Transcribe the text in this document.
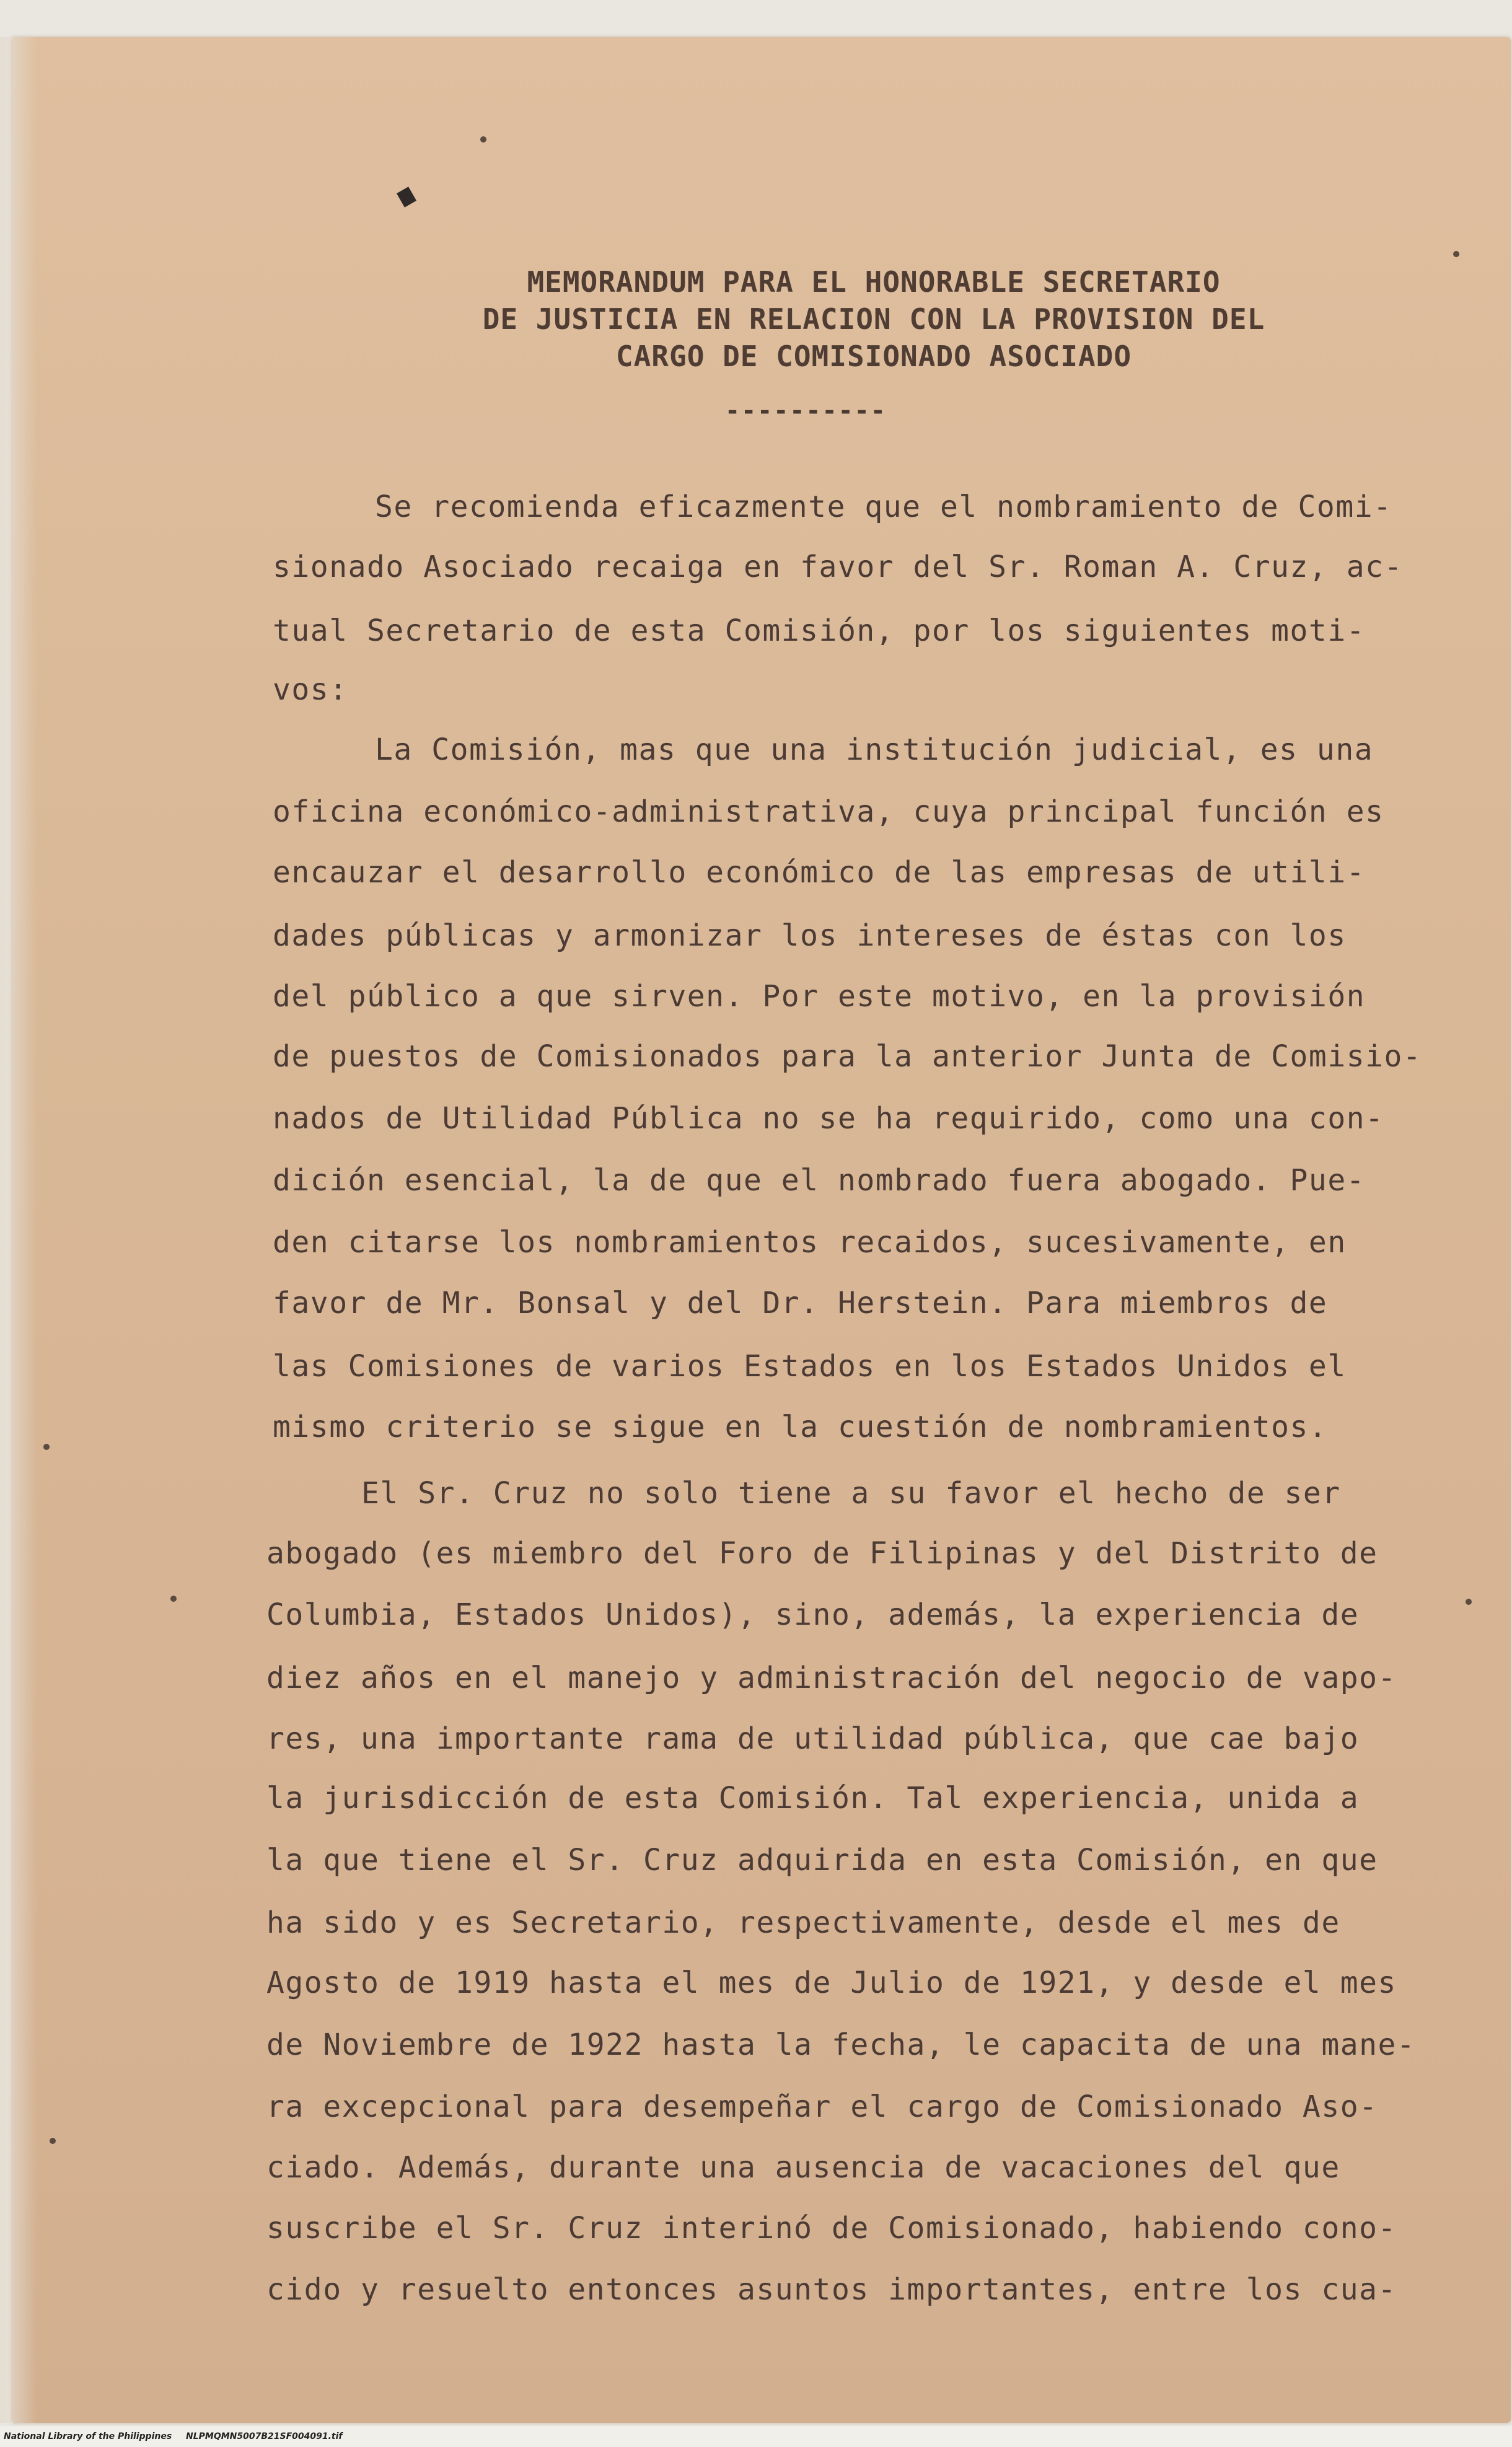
MEMORANDUM PARA EL HONORABLE SECRETARIO
DE JUSTICIA EN RELACION CON LA PROVISION DEL
CARGO DE COMISIONADO ASOCIADO
----------
Se recomienda eficazmente que el nombramiento de Comi-
sionado Asociado recaiga en favor del Sr. Roman A. Cruz, ac-
tual Secretario de esta Comisión, por los siguientes moti-
vos:
La Comisión, mas que una institución judicial, es una
oficina económico-administrativa, cuya principal función es
encauzar el desarrollo económico de las empresas de utili-
dades públicas y armonizar los intereses de éstas con los
del público a que sirven. Por este motivo, en la provisión
de puestos de Comisionados para la anterior Junta de Comisio-
nados de Utilidad Pública no se ha requirido, como una con-
dición esencial, la de que el nombrado fuera abogado. Pue-
den citarse los nombramientos recaidos, sucesivamente, en
favor de Mr. Bonsal y del Dr. Herstein. Para miembros de
las Comisiones de varios Estados en los Estados Unidos el
mismo criterio se sigue en la cuestión de nombramientos.
El Sr. Cruz no solo tiene a su favor el hecho de ser
abogado (es miembro del Foro de Filipinas y del Distrito de
Columbia, Estados Unidos), sino, además, la experiencia de
diez años en el manejo y administración del negocio de vapo-
res, una importante rama de utilidad pública, que cae bajo
la jurisdicción de esta Comisión. Tal experiencia, unida a
la que tiene el Sr. Cruz adquirida en esta Comisión, en que
ha sido y es Secretario, respectivamente, desde el mes de
Agosto de 1919 hasta el mes de Julio de 1921, y desde el mes
de Noviembre de 1922 hasta la fecha, le capacita de una mane-
ra excepcional para desempeñar el cargo de Comisionado Aso-
ciado. Además, durante una ausencia de vacaciones del que
suscribe el Sr. Cruz interinó de Comisionado, habiendo cono-
cido y resuelto entonces asuntos importantes, entre los cua-
National Library of the Philippines NLPMQMN5007B21SF004091.tif
